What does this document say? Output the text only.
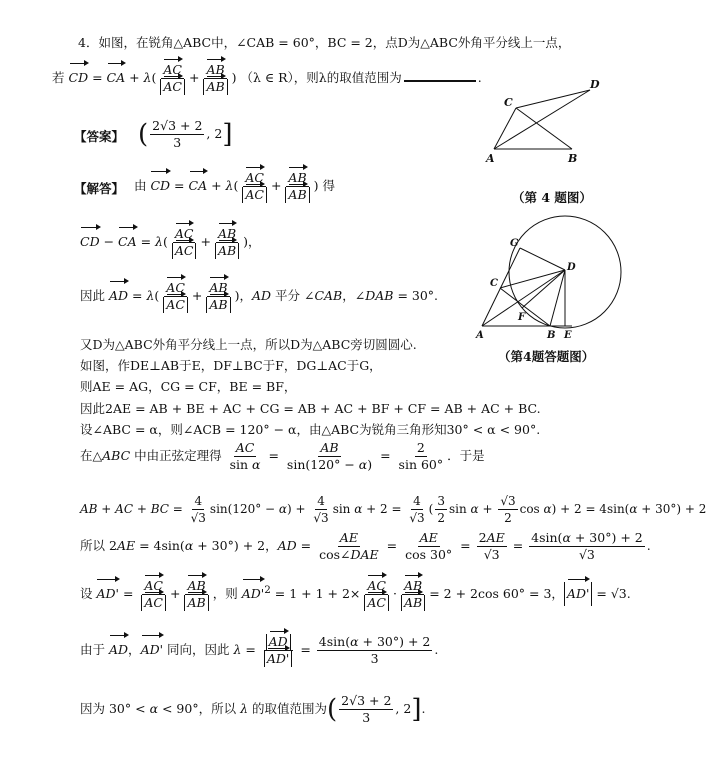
4．如图，在锐角△ABC中，∠CAB = 60°，BC = 2，点D为△ABC外角平分线上一点，
若 CD = CA + $\lambda( \frac{AC}{AC} + \frac{AB}{AB}$ ) （λ ∈ R），则λ的取值范围为	.
【答案】 ( $\frac{2√3 + 2}{3}$ , 2]
【解答】 由 CD = CA + $\lambda( \frac{AC}{AC} + \frac{AB}{AB}$ ) 得
CD − CA = $\lambda( \frac{AC}{AC} + \frac{AB}{AB}$ )，
因此 AD = $\lambda( \frac{AC}{AC} + \frac{AB}{AB}$ )，AD 平分 ∠CAB，∠DAB = 30°.
又D为△ABC外角平分线上一点，所以D为△ABC旁切圆圆心.
如图，作DE⊥AB于E，DF⊥BC于F，DG⊥AC于G，
则AE = AG，CG = CF，BE = BF，
因此2AE = AB + BE + AC + CG = AB + AC + BF + CF = AB + AC + BC.
设∠ABC = α，则∠ACB = 120° − α，由△ABC为锐角三角形知30° < α < 90°.
在△ABC 中由正弦定理得 $\frac{AC}{\text{sin α}} = \frac{AB}{\sin(120^\circ - \alpha)} = \frac{2}{\sin 60^\circ}$ ．于是
AB + AC + BC = $\frac{4}{√3} \sin(120^\circ - \alpha) + \frac{4}{√3}$ $\sin \alpha + 2 = \frac{4}{√3}$ ( $\frac{3}{2}$ $\sin \alpha + \frac{√3}{2}$ cos α) + 2 = 4sin(α + 30°) + 2
所以 2AE = 4sin(α + 30°) + 2，AD = $\frac{AE}{\text{cos∠DAE}} = \frac{AE}{\cos 30^\circ} = \frac{2AE}{√3} = \frac{4\sin(\alpha + 30^\circ) + 2}{√3}$ .
设 $AD' = \frac{AC}{AC} + \frac{AB}{AB}$ ，则 $AD'^2 = 1 + 1 + 2\times \frac{AC}{AC} \cdot \frac{AB}{AB} = 2 + 2\cos$ 60° = 3， AD' = √3.
由于 AD，AD' 同向，因此 $\lambda = \frac{AD}{AD'} = \frac{4\sin(\alpha + 30^\circ) + 2}{3}$ .
因为 30° < α < 90°，所以 λ 的取值范围为( $\frac{2√3 + 2}{3}$ , 2].
A	B
C
D
（第 4 题图）
G
D
C
F
A	B E
（第4题答题图）
